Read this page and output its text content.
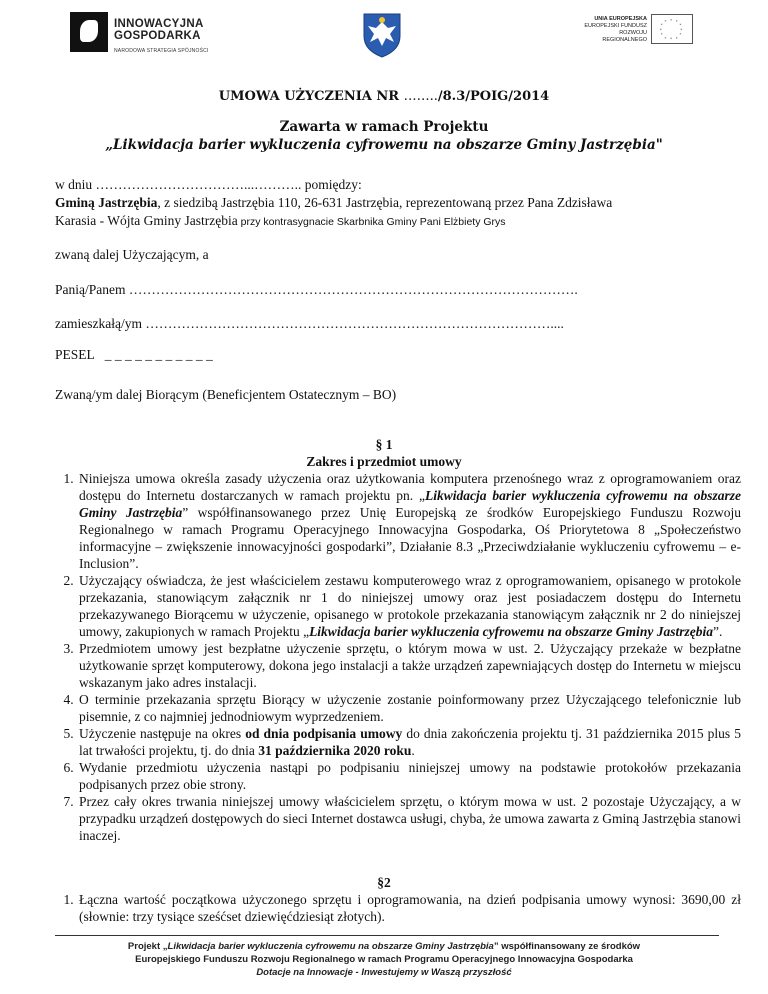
INNOWACYJNA
GOSPODARKA
NARODOWA STRATEGIA SPÓJNOŚCI
UNIA EUROPEJSKA
EUROPEJSKI FUNDUSZ
ROZWOJU REGIONALNEGO
* *
*
*
*
*
*
*
*
*
*
*
UMOWA UŻYCZENIA NR ……../8.3/POIG/2014
Zawarta w ramach Projektu
„Likwidacja barier wykluczenia cyfrowemu na obszarze Gminy Jastrzębia"
w dniu ……………………………...……….. pomiędzy:
Gminą Jastrzębia, z siedzibą Jastrzębia 110, 26-631 Jastrzębia, reprezentowaną przez Pana Zdzisława
Karasia - Wójta Gminy Jastrzębia przy kontrasygnacie Skarbnika Gminy Pani Elżbiety Grys
zwaną dalej Użyczającym, a
Panią/Panem ……………………………………………………………………………………….
zamieszkałą/ym ………………………………………………………………………………....
PESEL _ _ _ _ _ _ _ _ _ _ _
Zwaną/ym dalej Biorącym (Beneficjentem Ostatecznym – BO)
§ 1
Zakres i przedmiot umowy
1. Niniejsza umowa określa zasady użyczenia oraz użytkowania komputera przenośnego wraz z oprogramowaniem oraz dostępu do Internetu dostarczanych w ramach projektu pn. „Likwidacja barier wykluczenia cyfrowemu na obszarze Gminy Jastrzębia” współfinansowanego przez Unię Europejską ze środków Europejskiego Funduszu Rozwoju Regionalnego w ramach Programu Operacyjnego Innowacyjna Gospodarka, Oś Priorytetowa 8 „Społeczeństwo informacyjne – zwiększenie innowacyjności gospodarki”, Działanie 8.3 „Przeciwdziałanie wykluczeniu cyfrowemu – e-Inclusion”.
2. Użyczający oświadcza, że jest właścicielem zestawu komputerowego wraz z oprogramowaniem, opisanego w protokole przekazania, stanowiącym załącznik nr 1 do niniejszej umowy oraz jest posiadaczem dostępu do Internetu przekazywanego Biorącemu w użyczenie, opisanego w protokole przekazania stanowiącym załącznik nr 2 do niniejszej umowy, zakupionych w ramach Projektu „Likwidacja barier wykluczenia cyfrowemu na obszarze Gminy Jastrzębia”.
3. Przedmiotem umowy jest bezpłatne użyczenie sprzętu, o którym mowa w ust. 2. Użyczający przekaże w bezpłatne użytkowanie sprzęt komputerowy, dokona jego instalacji a także urządzeń zapewniających dostęp do Internetu w miejscu wskazanym jako adres instalacji.
4. O terminie przekazania sprzętu Biorący w użyczenie zostanie poinformowany przez Użyczającego telefonicznie lub pisemnie, z co najmniej jednodniowym wyprzedzeniem.
5. Użyczenie następuje na okres od dnia podpisania umowy do dnia zakończenia projektu tj. 31 października 2015 plus 5 lat trwałości projektu, tj. do dnia 31 października 2020 roku.
6. Wydanie przedmiotu użyczenia nastąpi po podpisaniu niniejszej umowy na podstawie protokołów przekazania podpisanych przez obie strony.
7. Przez cały okres trwania niniejszej umowy właścicielem sprzętu, o którym mowa w ust. 2 pozostaje Użyczający, a w przypadku urządzeń dostępowych do sieci Internet dostawca usługi, chyba, że umowa zawarta z Gminą Jastrzębia stanowi inaczej.
§2
1. Łączna wartość początkowa użyczonego sprzętu i oprogramowania, na dzień podpisania umowy wynosi: 3690,00 zł (słownie: trzy tysiące sześćset dziewięćdziesiąt złotych).
Projekt „Likwidacja barier wykluczenia cyfrowemu na obszarze Gminy Jastrzębia” współfinansowany ze środków
Europejskiego Funduszu Rozwoju Regionalnego w ramach Programu Operacyjnego Innowacyjna Gospodarka
Dotacje na Innowacje - Inwestujemy w Waszą przyszłość
